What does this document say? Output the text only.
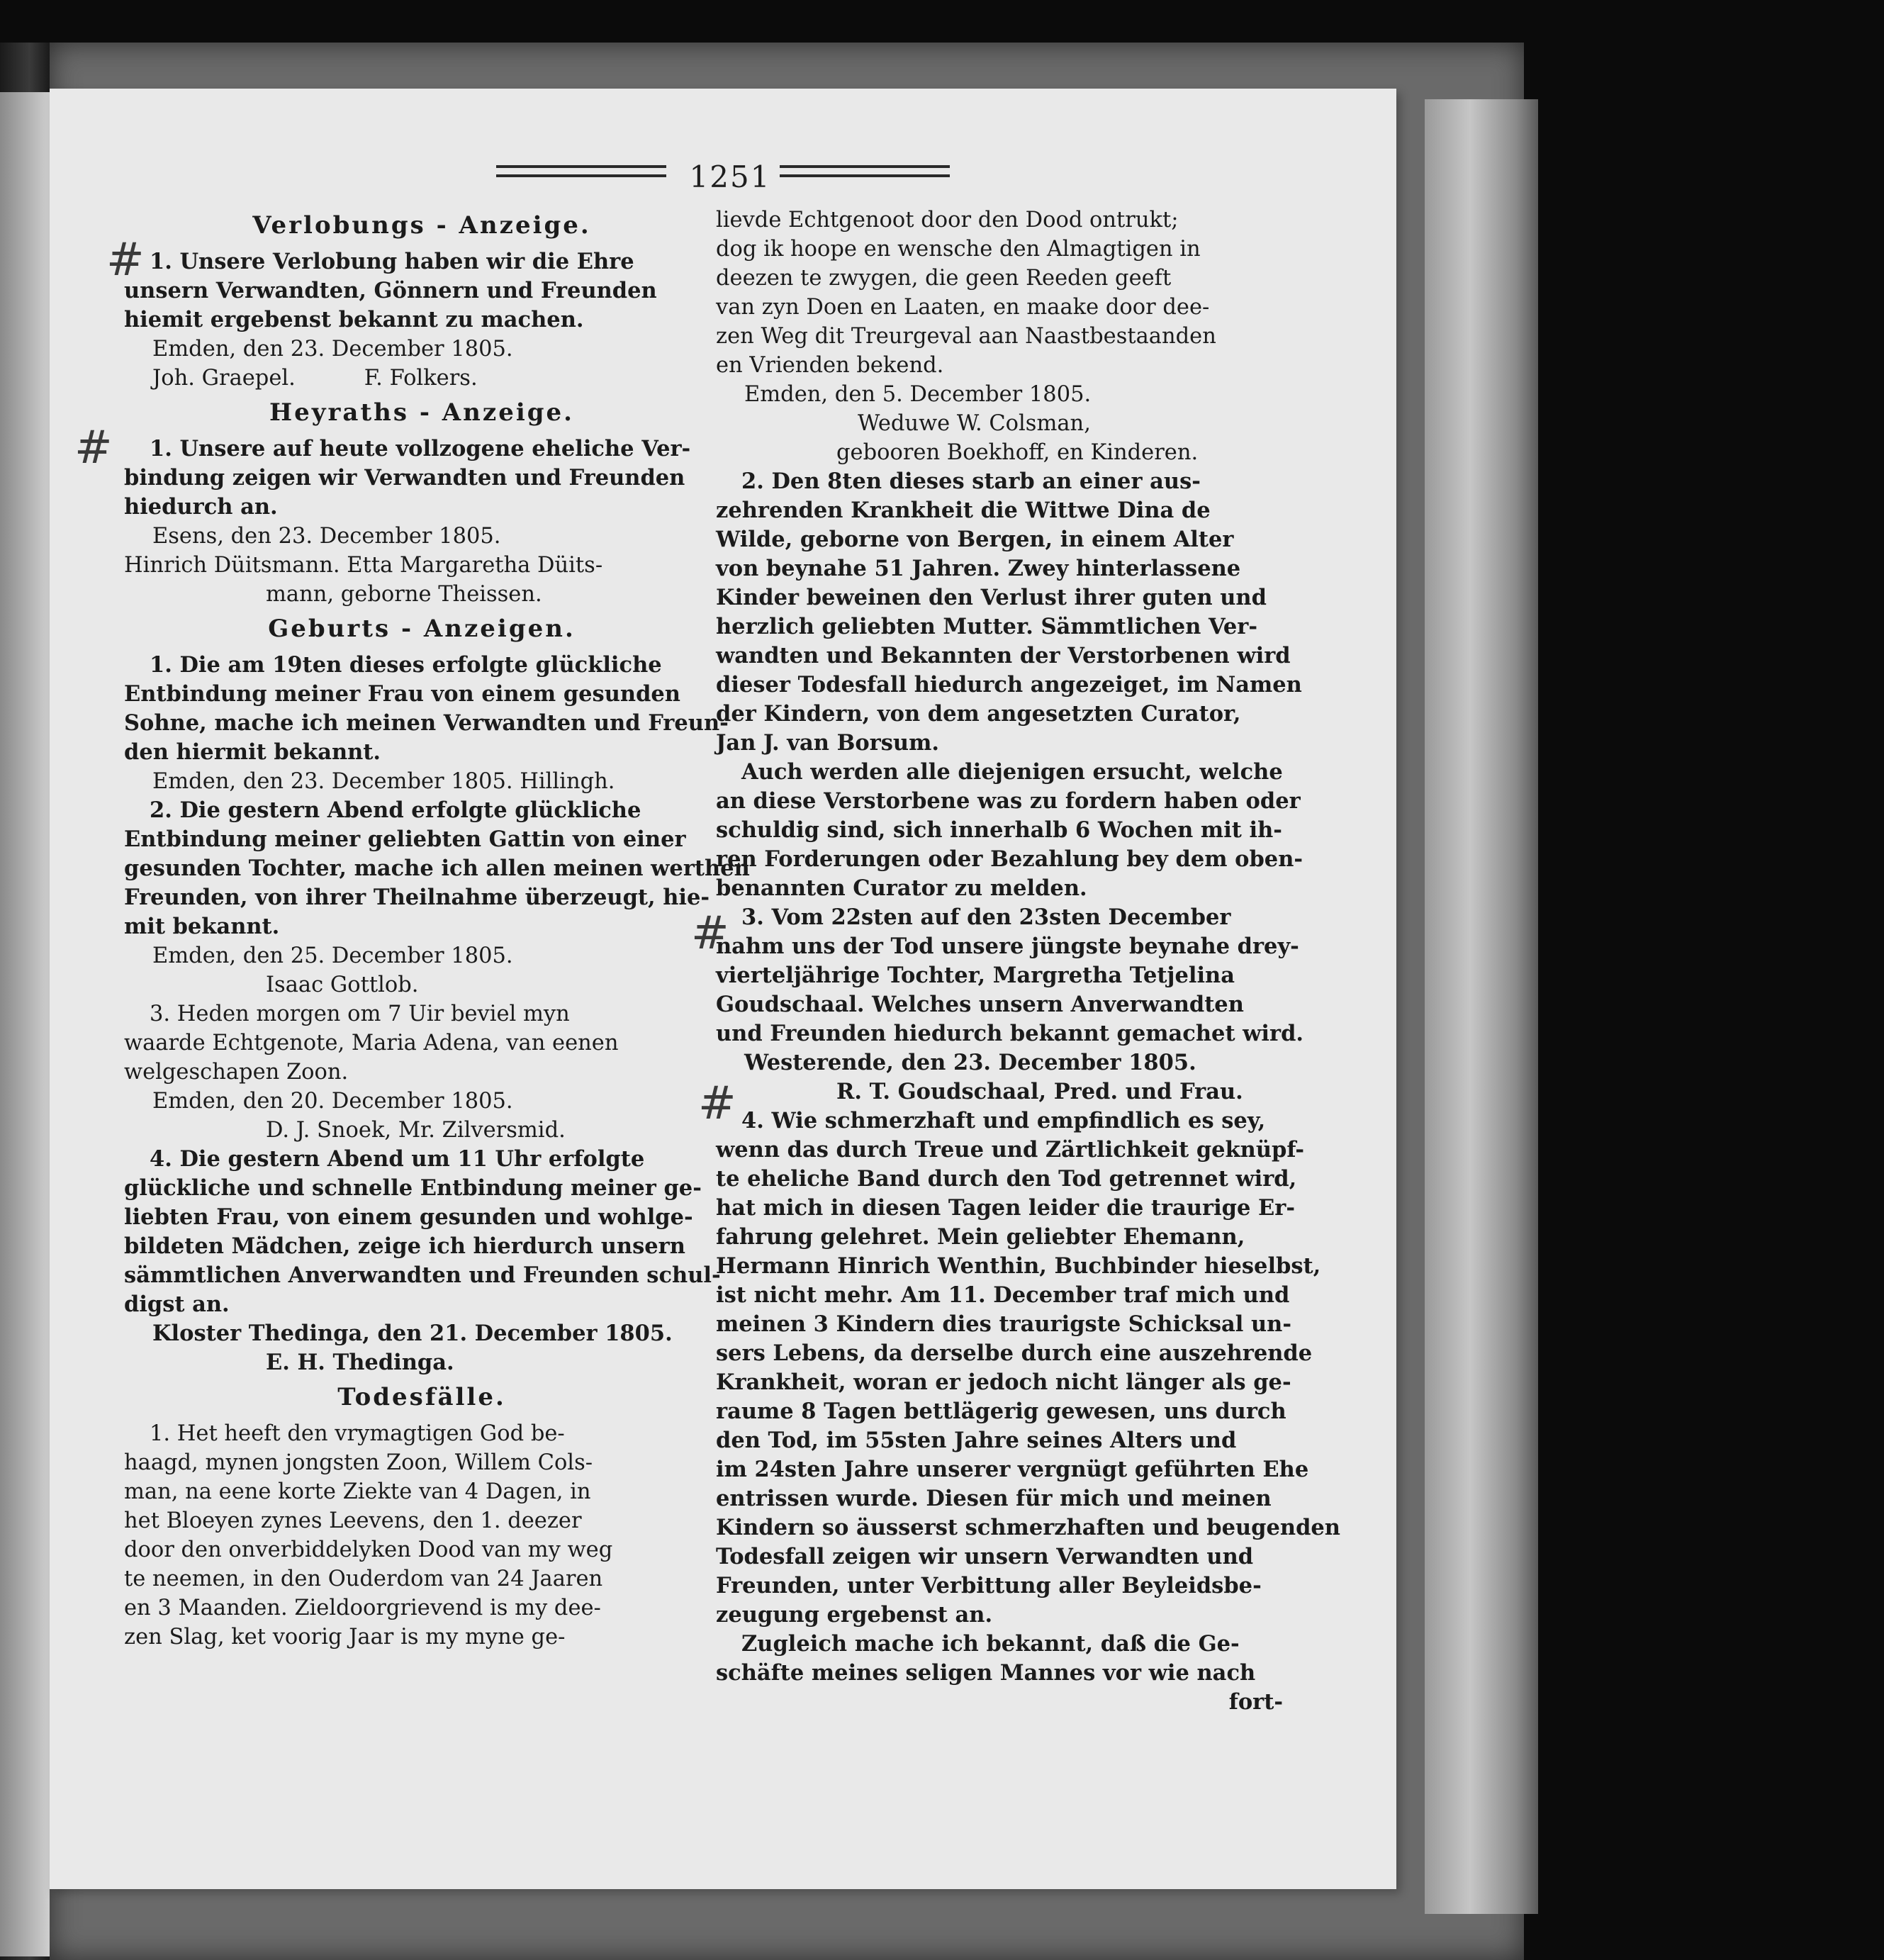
1251
#
#
#
#
Verlobungs - Anzeige.
1. Unsere Verlobung haben wir die Ehre
unsern Verwandten, Gönnern und Freunden
hiemit ergebenst bekannt zu machen.
Emden, den 23. December 1805.
Joh. Graepel.          F. Folkers.
Heyraths - Anzeige.
1. Unsere auf heute vollzogene eheliche Ver-
bindung zeigen wir Verwandten und Freunden
hiedurch an.
Esens, den 23. December 1805.
Hinrich Düitsmann. Etta Margaretha Düits-
mann, geborne Theissen.
Geburts - Anzeigen.
1. Die am 19ten dieses erfolgte glückliche
Entbindung meiner Frau von einem gesunden
Sohne, mache ich meinen Verwandten und Freun-
den hiermit bekannt.
Emden, den 23. December 1805. Hillingh.
2. Die gestern Abend erfolgte glückliche
Entbindung meiner geliebten Gattin von einer
gesunden Tochter, mache ich allen meinen werthen
Freunden, von ihrer Theilnahme überzeugt, hie-
mit bekannt.
Emden, den 25. December 1805.
Isaac Gottlob.
3. Heden morgen om 7 Uir beviel myn
waarde Echtgenote, Maria Adena, van eenen
welgeschapen Zoon.
Emden, den 20. December 1805.
D. J. Snoek, Mr. Zilversmid.
4. Die gestern Abend um 11 Uhr erfolgte
glückliche und schnelle Entbindung meiner ge-
liebten Frau, von einem gesunden und wohlge-
bildeten Mädchen, zeige ich hierdurch unsern
sämmtlichen Anverwandten und Freunden schul-
digst an.
Kloster Thedinga, den 21. December 1805.
E. H. Thedinga.
Todesfälle.
1. Het heeft den vrymagtigen God be-
haagd, mynen jongsten Zoon, Willem Cols-
man, na eene korte Ziekte van 4 Dagen, in
het Bloeyen zynes Leevens, den 1. deezer
door den onverbiddelyken Dood van my weg
te neemen, in den Ouderdom van 24 Jaaren
en 3 Maanden. Zieldoorgrievend is my dee-
zen Slag, ket voorig Jaar is my myne ge-
lievde Echtgenoot door den Dood ontrukt;
dog ik hoope en wensche den Almagtigen in
deezen te zwygen, die geen Reeden geeft
van zyn Doen en Laaten, en maake door dee-
zen Weg dit Treurgeval aan Naastbestaanden
en Vrienden bekend.
Emden, den 5. December 1805.
Weduwe W. Colsman,
gebooren Boekhoff, en Kinderen.
2. Den 8ten dieses starb an einer aus-
zehrenden Krankheit die Wittwe Dina de
Wilde, geborne von Bergen, in einem Alter
von beynahe 51 Jahren. Zwey hinterlassene
Kinder beweinen den Verlust ihrer guten und
herzlich geliebten Mutter. Sämmtlichen Ver-
wandten und Bekannten der Verstorbenen wird
dieser Todesfall hiedurch angezeiget, im Namen
der Kindern, von dem angesetzten Curator,
Jan J. van Borsum.
Auch werden alle diejenigen ersucht, welche
an diese Verstorbene was zu fordern haben oder
schuldig sind, sich innerhalb 6 Wochen mit ih-
ren Forderungen oder Bezahlung bey dem oben-
benannten Curator zu melden.
3. Vom 22sten auf den 23sten December
nahm uns der Tod unsere jüngste beynahe drey-
vierteljährige Tochter, Margretha Tetjelina
Goudschaal. Welches unsern Anverwandten
und Freunden hiedurch bekannt gemachet wird.
Westerende, den 23. December 1805.
R. T. Goudschaal, Pred. und Frau.
4. Wie schmerzhaft und empfindlich es sey,
wenn das durch Treue und Zärtlichkeit geknüpf-
te eheliche Band durch den Tod getrennet wird,
hat mich in diesen Tagen leider die traurige Er-
fahrung gelehret. Mein geliebter Ehemann,
Hermann Hinrich Wenthin, Buchbinder hieselbst,
ist nicht mehr. Am 11. December traf mich und
meinen 3 Kindern dies traurigste Schicksal un-
sers Lebens, da derselbe durch eine auszehrende
Krankheit, woran er jedoch nicht länger als ge-
raume 8 Tagen bettlägerig gewesen, uns durch
den Tod, im 55sten Jahre seines Alters und
im 24sten Jahre unserer vergnügt geführten Ehe
entrissen wurde. Diesen für mich und meinen
Kindern so äusserst schmerzhaften und beugenden
Todesfall zeigen wir unsern Verwandten und
Freunden, unter Verbittung aller Beyleidsbe-
zeugung ergebenst an.
Zugleich mache ich bekannt, daß die Ge-
schäfte meines seligen Mannes vor wie nach
fort-
